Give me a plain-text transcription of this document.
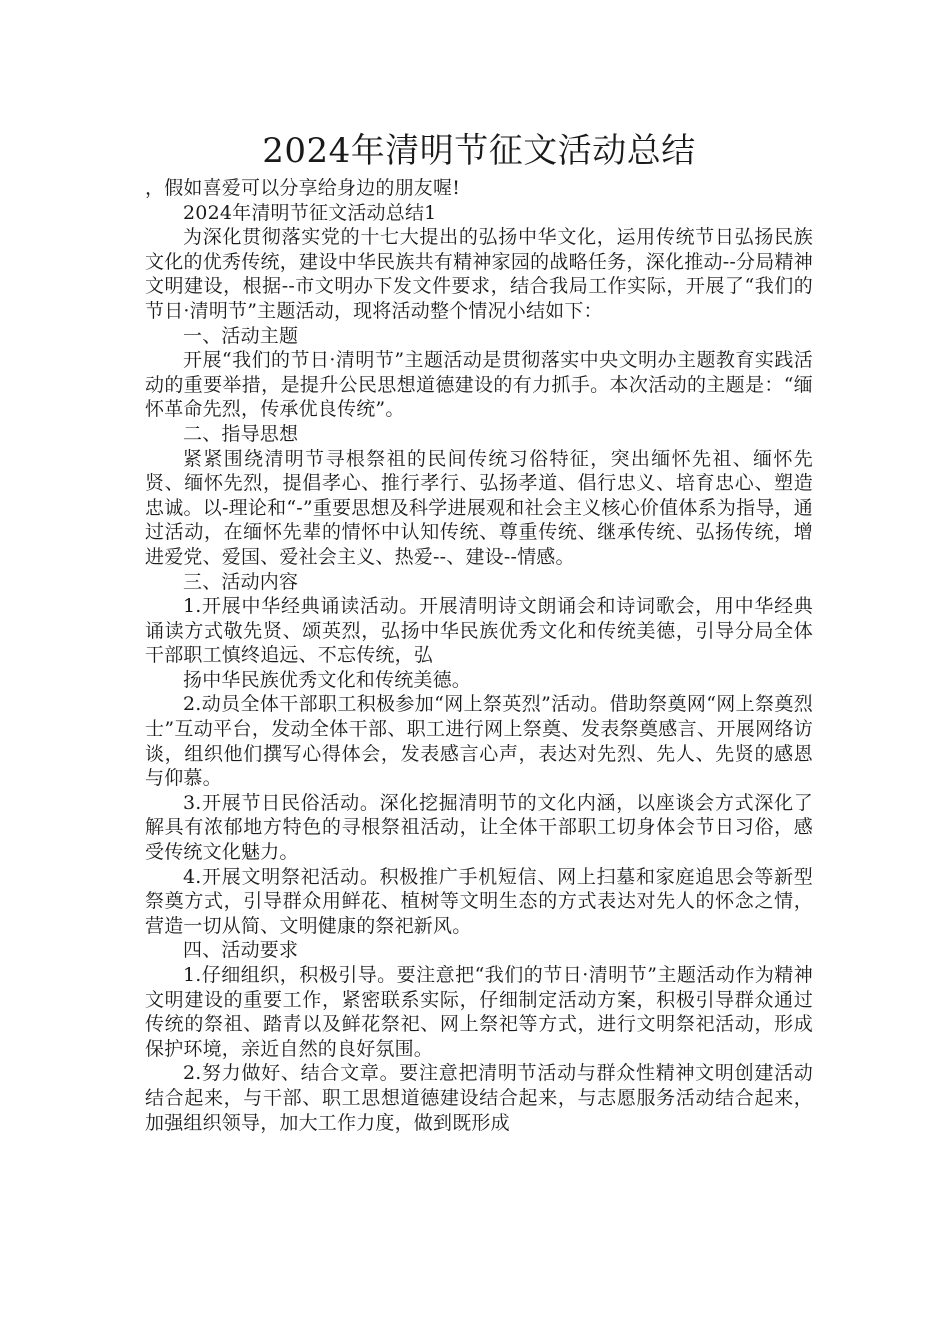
2024年清明节征文活动总结

，假如喜爱可以分享给身边的朋友喔!

2024年清明节征文活动总结1

为深化贯彻落实党的十七大提出的弘扬中华文化，运用传统节日弘扬民族文化的优秀传统，建设中华民族共有精神家园的战略任务，深化推动--分局精神文明建设，根据--市文明办下发文件要求，结合我局工作实际，开展了“我们的节日·清明节”主题活动，现将活动整个情况小结如下：

一、活动主题

开展“我们的节日·清明节”主题活动是贯彻落实中央文明办主题教育实践活动的重要举措，是提升公民思想道德建设的有力抓手。本次活动的主题是：“缅怀革命先烈，传承优良传统”。

二、指导思想

紧紧围绕清明节寻根祭祖的民间传统习俗特征，突出缅怀先祖、缅怀先贤、缅怀先烈，提倡孝心、推行孝行、弘扬孝道、倡行忠义、培育忠心、塑造忠诚。以-理论和“-”重要思想及科学进展观和社会主义核心价值体系为指导，通过活动，在缅怀先辈的情怀中认知传统、尊重传统、继承传统、弘扬传统，增进爱党、爱国、爱社会主义、热爱--、建设--情感。

三、活动内容

1.开展中华经典诵读活动。开展清明诗文朗诵会和诗词歌会，用中华经典诵读方式敬先贤、颂英烈，弘扬中华民族优秀文化和传统美德，引导分局全体干部职工慎终追远、不忘传统，弘

扬中华民族优秀文化和传统美德。

2.动员全体干部职工积极参加“网上祭英烈”活动。借助祭奠网“网上祭奠烈士”互动平台，发动全体干部、职工进行网上祭奠、发表祭奠感言、开展网络访谈，组织他们撰写心得体会，发表感言心声，表达对先烈、先人、先贤的感恩与仰慕。

3.开展节日民俗活动。深化挖掘清明节的文化内涵，以座谈会方式深化了解具有浓郁地方特色的寻根祭祖活动，让全体干部职工切身体会节日习俗，感受传统文化魅力。

4.开展文明祭祀活动。积极推广手机短信、网上扫墓和家庭追思会等新型祭奠方式，引导群众用鲜花、植树等文明生态的方式表达对先人的怀念之情，营造一切从简、文明健康的祭祀新风。

四、活动要求

1.仔细组织，积极引导。要注意把“我们的节日·清明节”主题活动作为精神文明建设的重要工作，紧密联系实际，仔细制定活动方案，积极引导群众通过传统的祭祖、踏青以及鲜花祭祀、网上祭祀等方式，进行文明祭祀活动，形成保护环境，亲近自然的良好氛围。

2.努力做好、结合文章。要注意把清明节活动与群众性精神文明创建活动结合起来，与干部、职工思想道德建设结合起来，与志愿服务活动结合起来，加强组织领导，加大工作力度，做到既形成
